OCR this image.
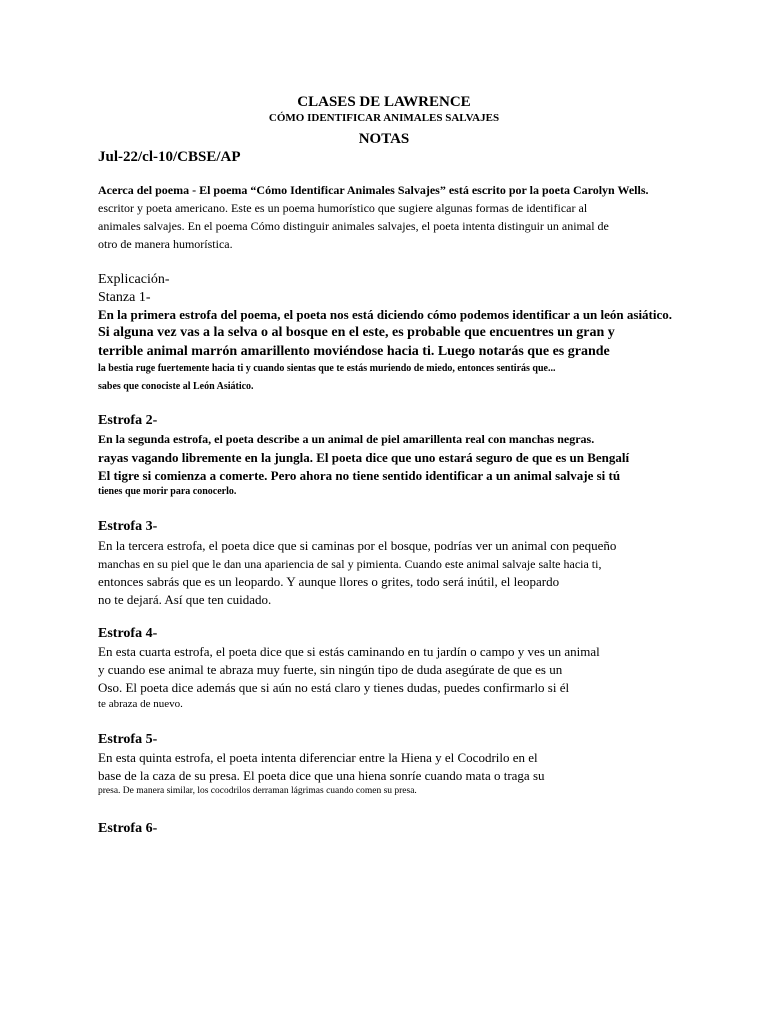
CLASES DE LAWRENCE
CÓMO IDENTIFICAR ANIMALES SALVAJES
NOTAS
Jul-22/cl-10/CBSE/AP
Acerca del poema - El poema “Cómo Identificar Animales Salvajes” está escrito por la poeta Carolyn Wells.
escritor y poeta americano. Este es un poema humorístico que sugiere algunas formas de identificar al
animales salvajes. En el poema Cómo distinguir animales salvajes, el poeta intenta distinguir un animal de
otro de manera humorística.
Explicación-
Stanza 1-
En la primera estrofa del poema, el poeta nos está diciendo cómo podemos identificar a un león asiático.
Si alguna vez vas a la selva o al bosque en el este, es probable que encuentres un gran y
terrible animal marrón amarillento moviéndose hacia ti. Luego notarás que es grande
la bestia ruge fuertemente hacia ti y cuando sientas que te estás muriendo de miedo, entonces sentirás que...
sabes que conociste al León Asiático.
Estrofa 2-
En la segunda estrofa, el poeta describe a un animal de piel amarillenta real con manchas negras.
rayas vagando libremente en la jungla. El poeta dice que uno estará seguro de que es un Bengalí
El tigre si comienza a comerte. Pero ahora no tiene sentido identificar a un animal salvaje si tú
tienes que morir para conocerlo.
Estrofa 3-
En la tercera estrofa, el poeta dice que si caminas por el bosque, podrías ver un animal con pequeño
manchas en su piel que le dan una apariencia de sal y pimienta. Cuando este animal salvaje salte hacia ti,
entonces sabrás que es un leopardo. Y aunque llores o grites, todo será inútil, el leopardo
no te dejará. Así que ten cuidado.
Estrofa 4-
En esta cuarta estrofa, el poeta dice que si estás caminando en tu jardín o campo y ves un animal
y cuando ese animal te abraza muy fuerte, sin ningún tipo de duda asegúrate de que es un
Oso. El poeta dice además que si aún no está claro y tienes dudas, puedes confirmarlo si él
te abraza de nuevo.
Estrofa 5-
En esta quinta estrofa, el poeta intenta diferenciar entre la Hiena y el Cocodrilo en el
base de la caza de su presa. El poeta dice que una hiena sonríe cuando mata o traga su
presa. De manera similar, los cocodrilos derraman lágrimas cuando comen su presa.
Estrofa 6-
